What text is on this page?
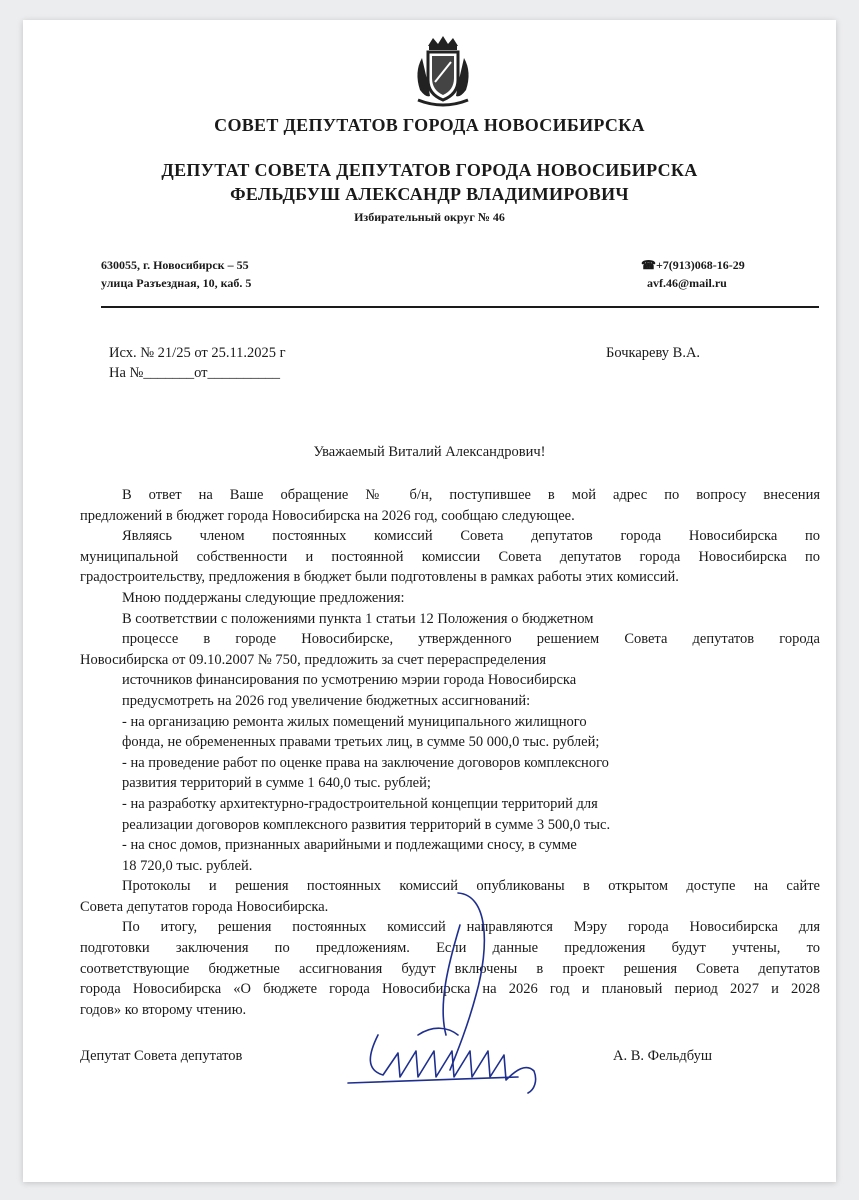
СОВЕТ ДЕПУТАТОВ ГОРОДА НОВОСИБИРСКА
ДЕПУТАТ СОВЕТА ДЕПУТАТОВ ГОРОДА НОВОСИБИРСКА
ФЕЛЬДБУШ АЛЕКСАНДР ВЛАДИМИРОВИЧ
Избирательный округ № 46
630055, г. Новосибирск – 55
улица Разъездная, 10, каб. 5
☎+7(913)068-16-29
avf.46@mail.ru
Исх. № 21/25 от 25.11.2025 г
На №_______от__________
Бочкареву В.А.
Уважаемый Виталий Александрович!
В ответ на Ваше обращение № б/н, поступившее в мой адрес по вопросу внесения
предложений в бюджет города Новосибирска на 2026 год, сообщаю следующее.
Являясь членом постоянных комиссий Совета депутатов города Новосибирска по
муниципальной собственности и постоянной комиссии Совета депутатов города Новосибирска по
градостроительству, предложения в бюджет были подготовлены в рамках работы этих комиссий.
Мною поддержаны следующие предложения:
В соответствии с положениями пункта 1 статьи 12 Положения о бюджетном
процессе в городе Новосибирске, утвержденного решением Совета депутатов города
Новосибирска от 09.10.2007 № 750, предложить за счет перераспределения
источников финансирования по усмотрению мэрии города Новосибирска
предусмотреть на 2026 год увеличение бюджетных ассигнований:
- на организацию ремонта жилых помещений муниципального жилищного
фонда, не обремененных правами третьих лиц, в сумме 50 000,0 тыс. рублей;
- на проведение работ по оценке права на заключение договоров комплексного
развития территорий в сумме 1 640,0 тыс. рублей;
- на разработку архитектурно-градостроительной концепции территорий для
реализации договоров комплексного развития территорий в сумме 3 500,0 тыс.
- на снос домов, признанных аварийными и подлежащими сносу, в сумме
18 720,0 тыс. рублей.
Протоколы и решения постоянных комиссий опубликованы в открытом доступе на сайте
Совета депутатов города Новосибирска.
По итогу, решения постоянных комиссий направляются Мэру города Новосибирска для
подготовки заключения по предложениям. Если данные предложения будут учтены, то
соответствующие бюджетные ассигнования будут включены в проект решения Совета депутатов
города Новосибирска «О бюджете города Новосибирска на 2026 год и плановый период 2027 и 2028
годов» ко второму чтению.
Депутат Совета депутатов	А. В. Фельдбуш
